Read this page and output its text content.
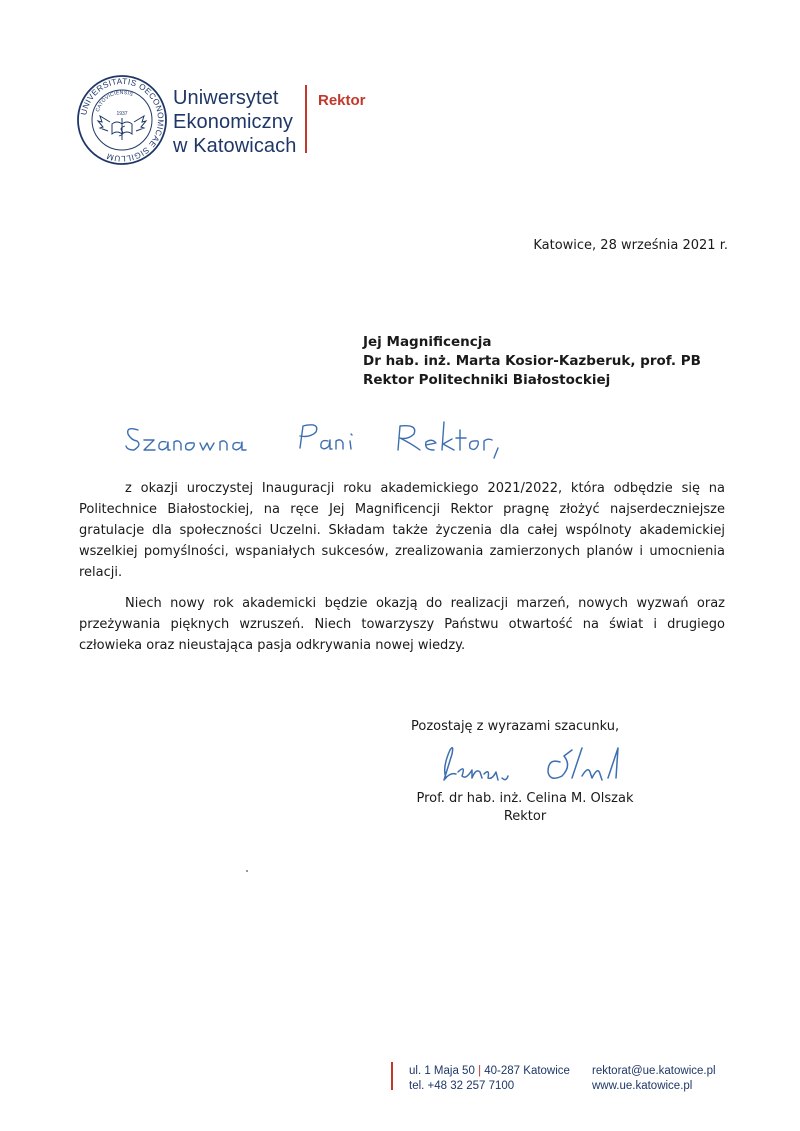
UNIVERSITATIS OECONOMICAE SIGILLUM
CATOVICIENSIS
1937
Uniwersytet
Ekonomiczny
w Katowicach
Rektor
Katowice, 28 września 2021 r.
Jej Magnificencja
Dr hab. inż. Marta Kosior-Kazberuk, prof. PB
Rektor Politechniki Białostockiej

z okazji uroczystej Inauguracji roku akademickiego 2021/2022, która odbędzie się na Politechnice Białostockiej, na ręce Jej Magnificencji Rektor pragnę złożyć najserdeczniejsze gratulacje dla społeczności Uczelni. Składam także życzenia dla całej wspólnoty akademickiej wszelkiej pomyślności, wspaniałych sukcesów, zrealizowania zamierzonych planów i umocnienia relacji.

Niech nowy rok akademicki będzie okazją do realizacji marzeń, nowych wyzwań oraz przeżywania pięknych wzruszeń. Niech towarzyszy Państwu otwartość na świat i drugiego człowieka oraz nieustająca pasja odkrywania nowej wiedzy.

Pozostaję z wyrazami szacunku,
Prof. dr hab. inż. Celina M. Olszak
Rektor
ul. 1 Maja 50 | 40-287 Katowice
tel. +48 32 257 7100
rektorat@ue.katowice.pl
www.ue.katowice.pl
